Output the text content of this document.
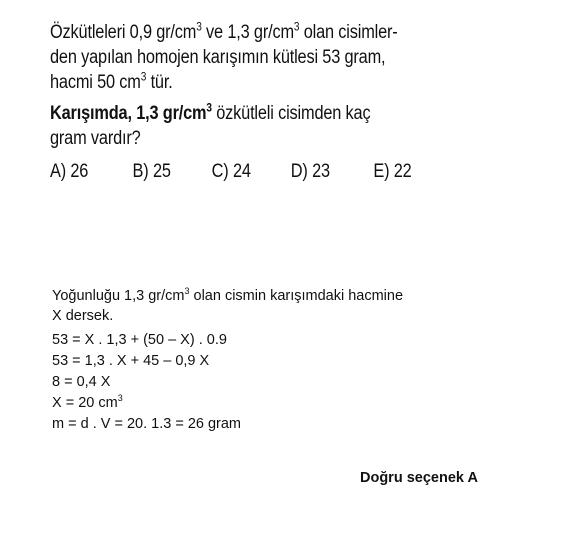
Özkütleleri 0,9 $gr/cm^3$ ve 1,3 $gr/cm^3$ olan cisimler-

den yapılan homojen karışımın kütlesi 53 gram,

hacmi 50 $cm^3$ tür.

Karışımda, 1,3 $gr/cm^3$ özkütleli cisimden kaç

gram vardır?

A) 26	B) 25	C) 24	D) 23	E) 22

Yoğunluğu 1,3 $gr/cm^3$ olan cismin karışımdaki hacmine

X dersek.

53 = X . 1,3 + (50 – X) . 0.9

53 = 1,3 . X + 45 – 0,9 X

8 = 0,4 X

X = 20 $cm^3$

m = d . V = 20. 1.3 = 26 gram

Doğru seçenek A
